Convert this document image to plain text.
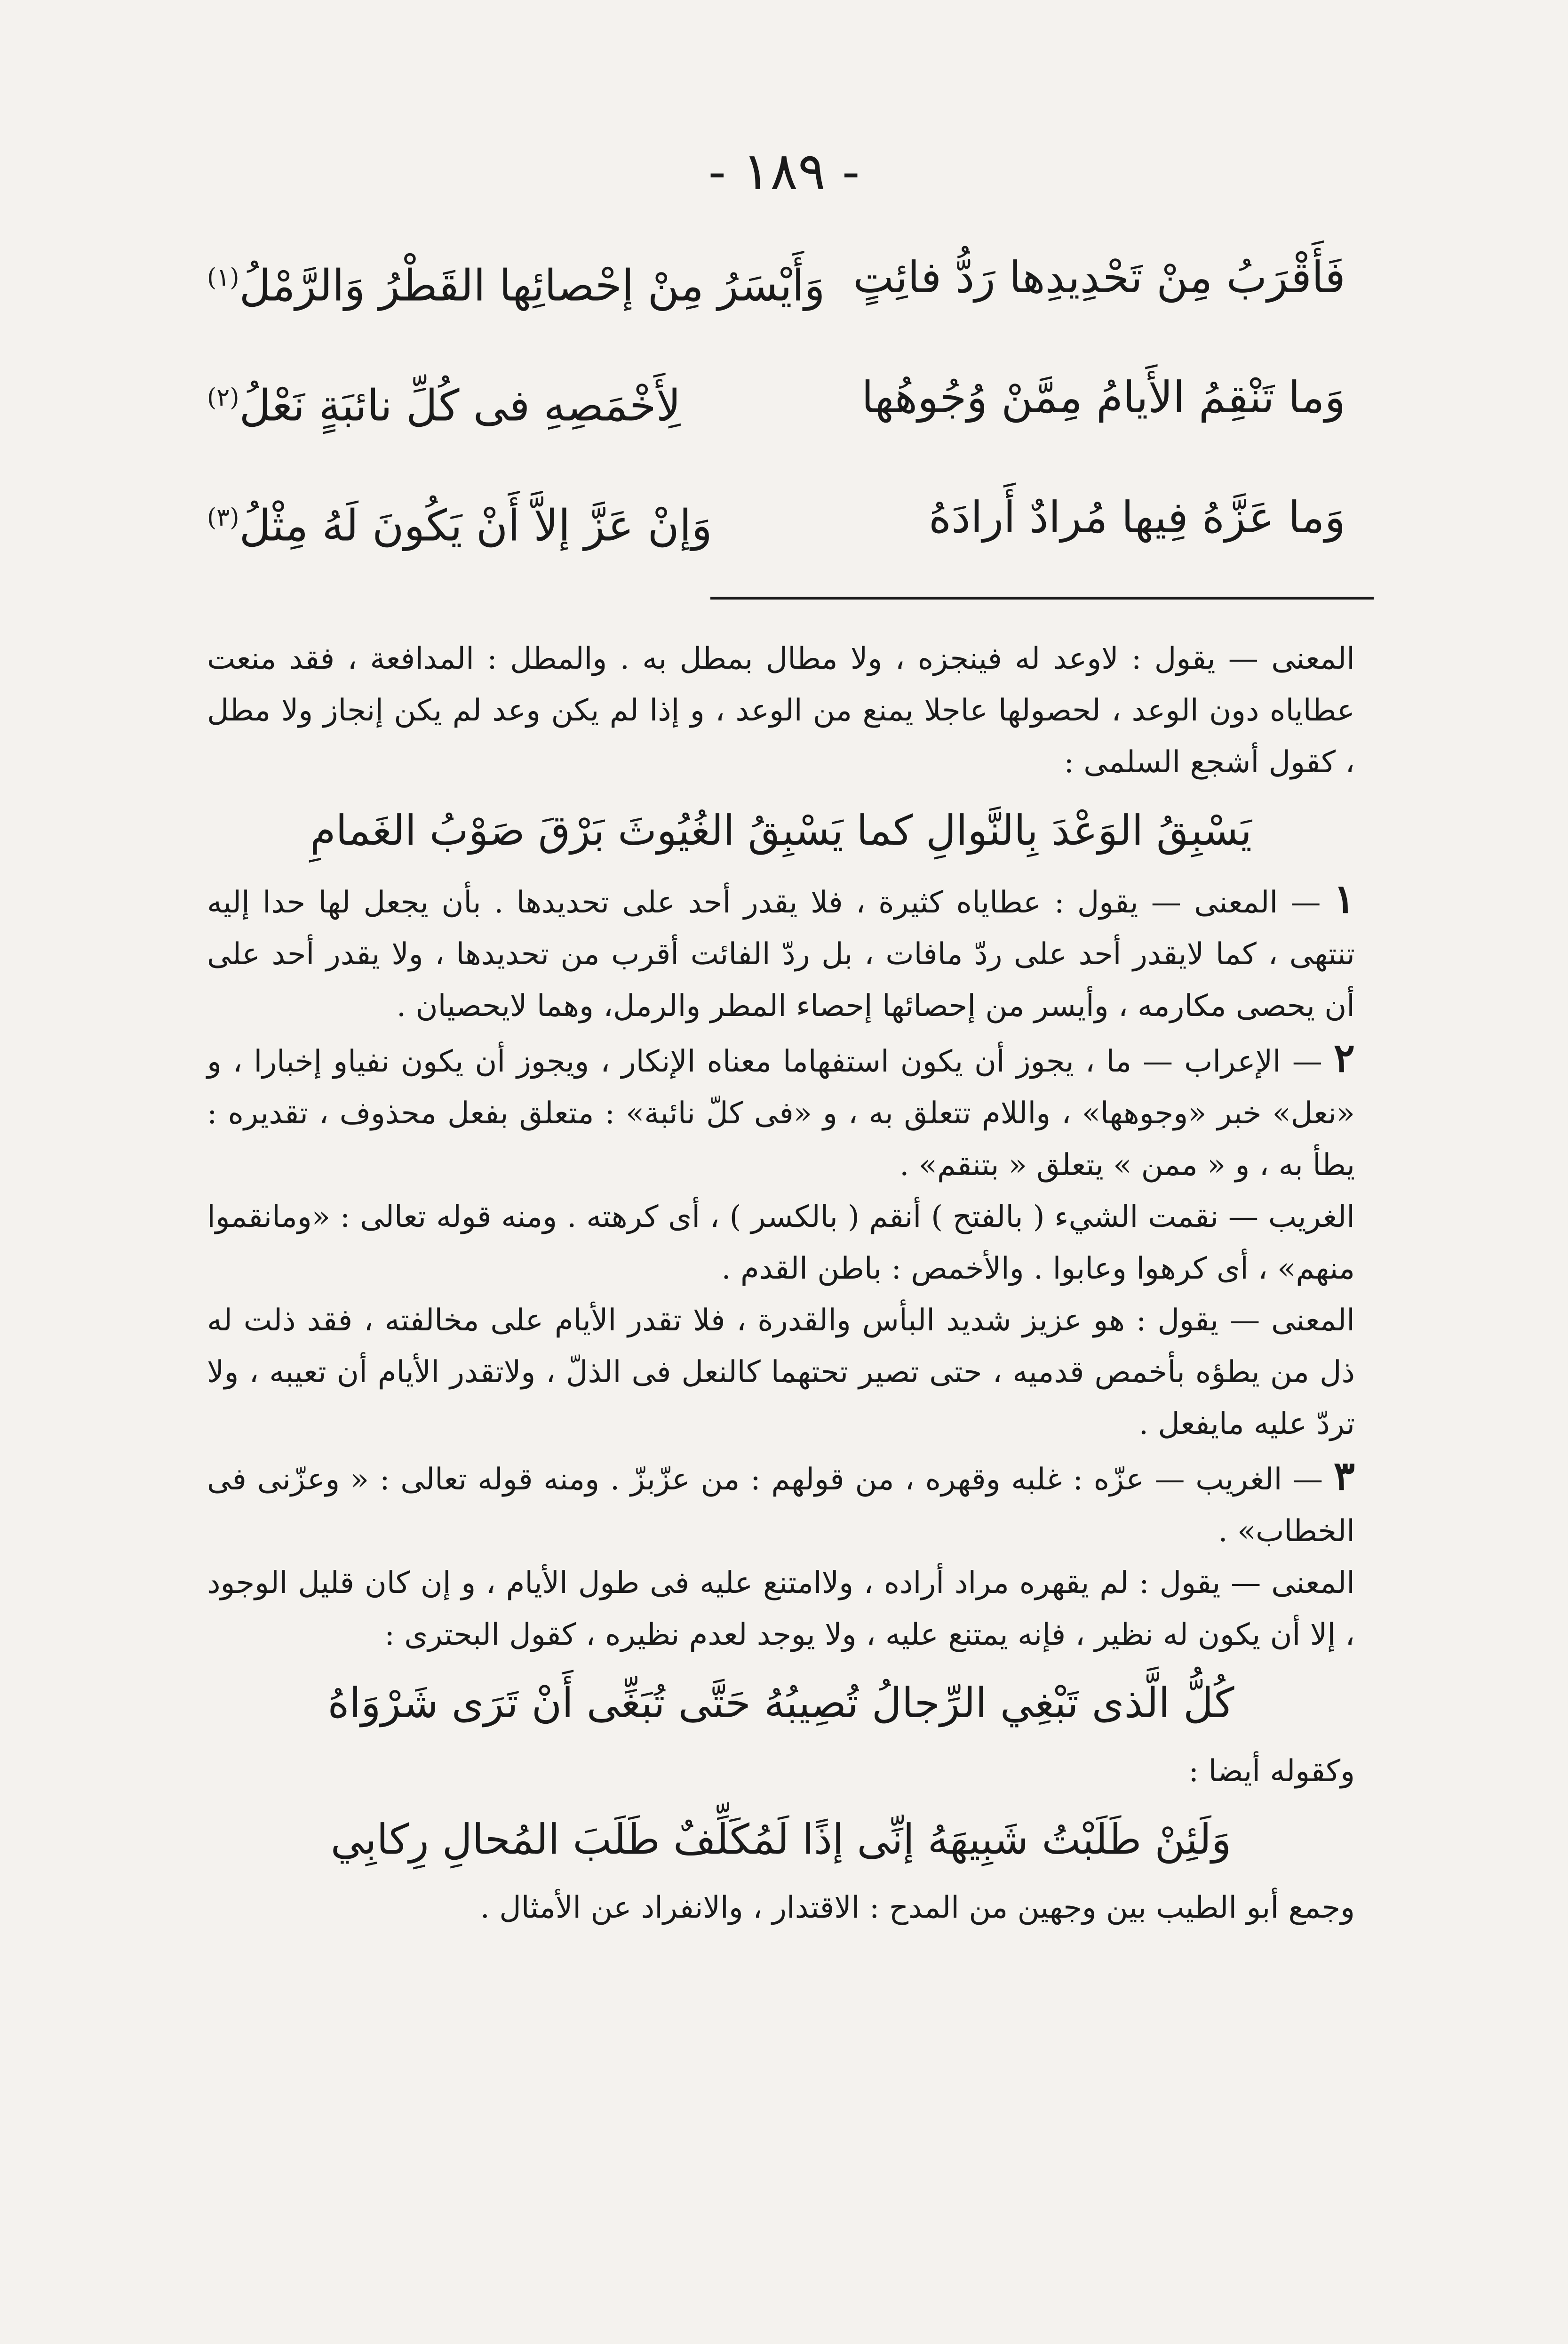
- ١٨٩ -
فَأَقْرَبُ مِنْ تَحْدِيدِها رَدُّ فائِتٍ
وَأَيْسَرُ مِنْ إحْصائِها القَطْرُ وَالرَّمْلُ$^{(١)}$
وَما تَنْقِمُ الأَيامُ مِمَّنْ وُجُوهُها
لِأَخْمَصِهِ فى كُلِّ نائبَةٍ نَعْلُ$^{(٢)}$
وَما عَزَّهُ فِيها مُرادٌ أَرادَهُ
وَإنْ عَزَّ إلاَّ أَنْ يَكُونَ لَهُ مِثْلُ$^{(٣)}$

المعنى — يقول : لاوعد له فينجزه ، ولا مطال بمطل به . والمطل : المدافعة ، فقد منعت عطاياه دون الوعد ، لحصولها عاجلا يمنع من الوعد ، و إذا لم يكن وعد لم يكن إنجاز ولا مطل ، كقول أشجع السلمى :

يَسْبِقُ الوَعْدَ بِالنَّوالِ كما يَسْبِقُ الغُيُوثَ بَرْقَ صَوْبُ الغَمامِ

١ — المعنى — يقول : عطاياه كثيرة ، فلا يقدر أحد على تحديدها . بأن يجعل لها حدا إليه تنتهى ، كما لايقدر أحد على ردّ مافات ، بل ردّ الفائت أقرب من تحديدها ، ولا يقدر أحد على أن يحصى مكارمه ، وأيسر من إحصائها إحصاء المطر والرمل، وهما لايحصيان .

٢ — الإعراب — ما ، يجوز أن يكون استفهاما معناه الإنكار ، ويجوز أن يكون نفياو إخبارا ، و «نعل» خبر «وجوهها» ، واللام تتعلق به ، و «فى كلّ نائبة» : متعلق بفعل محذوف ، تقديره : يطأ به ، و « ممن » يتعلق « بتنقم» .

الغريب — نقمت الشيء ( بالفتح ) أنقم ( بالكسر ) ، أى كرهته . ومنه قوله تعالى : «ومانقموا منهم» ، أى كرهوا وعابوا . والأخمص : باطن القدم .

المعنى — يقول : هو عزيز شديد البأس والقدرة ، فلا تقدر الأيام على مخالفته ، فقد ذلت له ذل من يطؤه بأخمص قدميه ، حتى تصير تحتهما كالنعل فى الذلّ ، ولاتقدر الأيام أن تعيبه ، ولا تردّ عليه مايفعل .

٣ — الغريب — عزّه : غلبه وقهره ، من قولهم : من عزّبزّ . ومنه قوله تعالى : « وعزّنى فى الخطاب» .

المعنى — يقول : لم يقهره مراد أراده ، ولاامتنع عليه فى طول الأيام ، و إن كان قليل الوجود ، إلا أن يكون له نظير ، فإنه يمتنع عليه ، ولا يوجد لعدم نظيره ، كقول البحترى :

كُلُّ الَّذى تَبْغِي الرِّجالُ تُصِيبُهُ حَتَّى تُبَغِّى أَنْ تَرَى شَرْوَاهُ

وكقوله أيضا :

وَلَئِنْ طَلَبْتُ شَبِيهَهُ إنِّى إذًا لَمُكَلِّفٌ طَلَبَ المُحالِ رِكابِي

وجمع أبو الطيب بين وجهين من المدح : الاقتدار ، والانفراد عن الأمثال .
